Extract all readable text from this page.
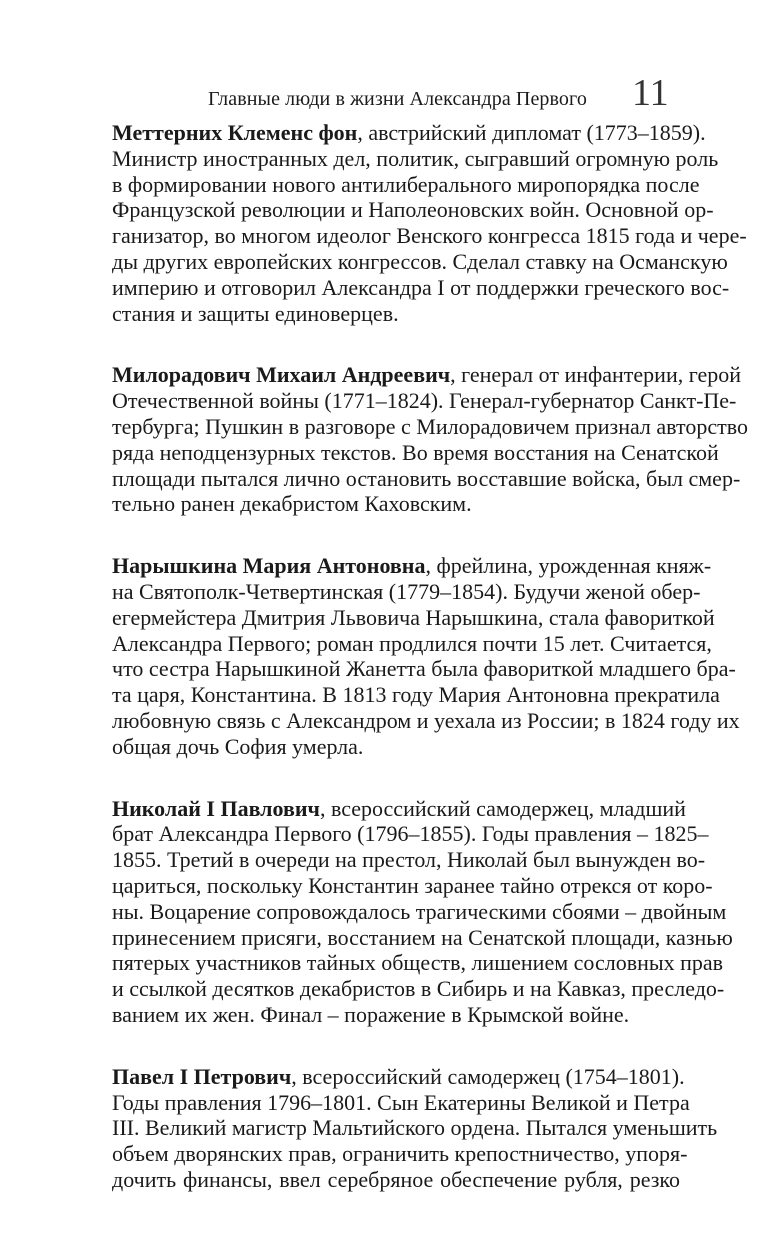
Главные люди в жизни Александра Первого 11
Меттерних Клеменс фон, австрийский дипломат (1773–1859).
Министр иностранных дел, политик, сыгравший огромную роль
в формировании нового антилиберального миропорядка после
Французской революции и Наполеоновских войн. Основной ор-
ганизатор, во многом идеолог Венского конгресса 1815 года и чере-
ды других европейских конгрессов. Сделал ставку на Османскую
империю и отговорил Александра I от поддержки греческого вос-
стания и защиты единоверцев.
Милорадович Михаил Андреевич, генерал от инфантерии, герой
Отечественной войны (1771–1824). Генерал-губернатор Санкт-Пе-
тербурга; Пушкин в разговоре с Милорадовичем признал авторство
ряда неподцензурных текстов. Во время восстания на Сенатской
площади пытался лично остановить восставшие войска, был смер-
тельно ранен декабристом Каховским.
Нарышкина Мария Антоновна, фрейлина, урожденная княж-
на Святополк-Четвертинская (1779–1854). Будучи женой обер-
егермейстера Дмитрия Львовича Нарышкина, стала фавориткой
Александра Первого; роман продлился почти 15 лет. Считается,
что сестра Нарышкиной Жанетта была фавориткой младшего бра-
та царя, Константина. В 1813 году Мария Антоновна прекратила
любовную связь с Александром и уехала из России; в 1824 году их
общая дочь София умерла.
Николай I Павлович, всероссийский самодержец, младший
брат Александра Первого (1796–1855). Годы правления – 1825–
1855. Третий в очереди на престол, Николай был вынужден во-
цариться, поскольку Константин заранее тайно отрекся от коро-
ны. Воцарение сопровождалось трагическими сбоями – двойным
принесением присяги, восстанием на Сенатской площади, казнью
пятерых участников тайных обществ, лишением сословных прав
и ссылкой десятков декабристов в Сибирь и на Кавказ, преследо-
ванием их жен. Финал – поражение в Крымской войне.
Павел I Петрович, всероссийский самодержец (1754–1801).
Годы правления 1796–1801. Сын Екатерины Великой и Петра
III. Великий магистр Мальтийского ордена. Пытался уменьшить
объем дворянских прав, ограничить крепостничество, упоря-
дочить финансы, ввел серебряное обеспечение рубля, резко
